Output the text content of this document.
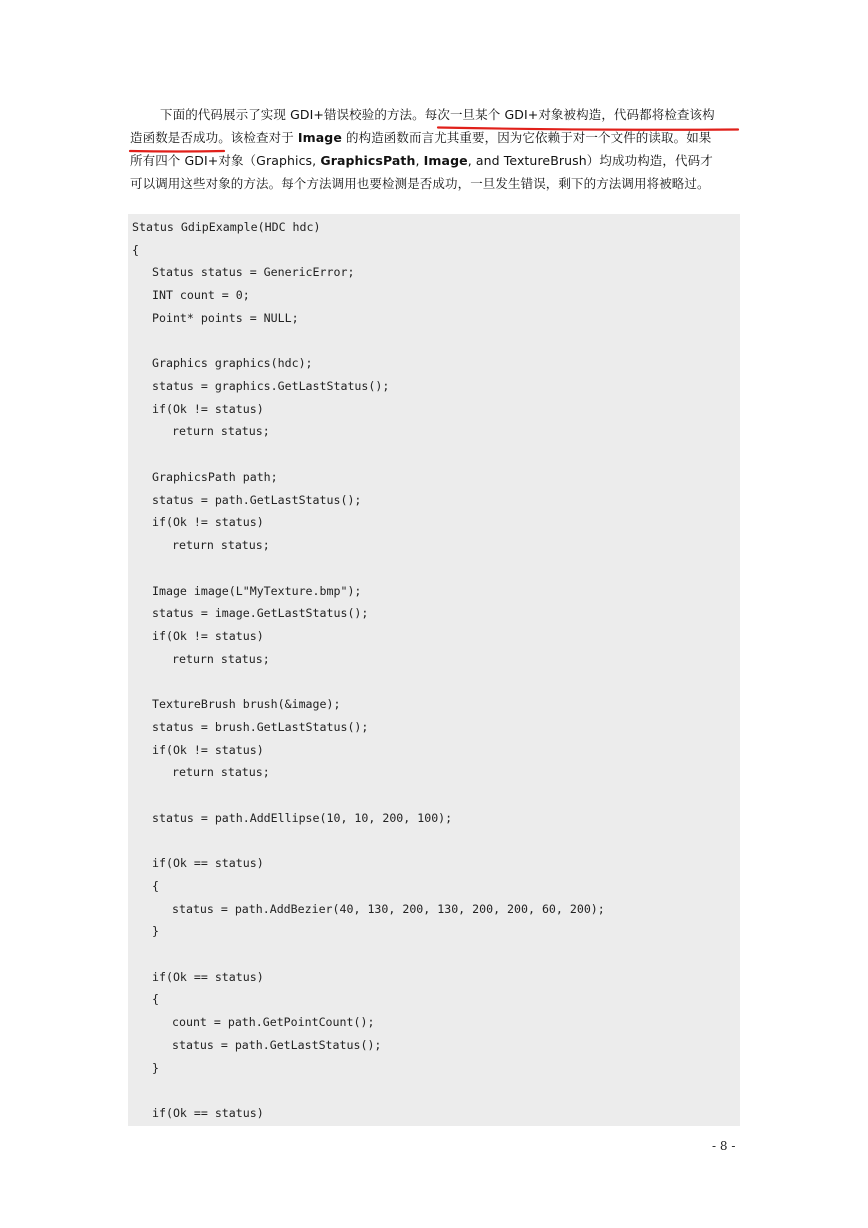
下面的代码展示了实现 GDI+错误校验的方法。每次一旦某个 GDI+对象被构造，代码都将检查该构
造函数是否成功。该检查对于 Image 的构造函数而言尤其重要，因为它依赖于对一个文件的读取。如果
所有四个 GDI+对象（Graphics, GraphicsPath, Image, and TextureBrush）均成功构造，代码才
可以调用这些对象的方法。每个方法调用也要检测是否成功，一旦发生错误，剩下的方法调用将被略过。
Status GdipExample(HDC hdc)
{
Status status = GenericError;
INT count = 0;
Point* points = NULL;
Graphics graphics(hdc);
status = graphics.GetLastStatus();
if(Ok != status)
return status;
GraphicsPath path;
status = path.GetLastStatus();
if(Ok != status)
return status;
Image image(L"MyTexture.bmp");
status = image.GetLastStatus();
if(Ok != status)
return status;
TextureBrush brush(&image);
status = brush.GetLastStatus();
if(Ok != status)
return status;
status = path.AddEllipse(10, 10, 200, 100);
if(Ok == status)
{
status = path.AddBezier(40, 130, 200, 130, 200, 200, 60, 200);
}
if(Ok == status)
{
count = path.GetPointCount();
status = path.GetLastStatus();
}
if(Ok == status)
- 8 -
